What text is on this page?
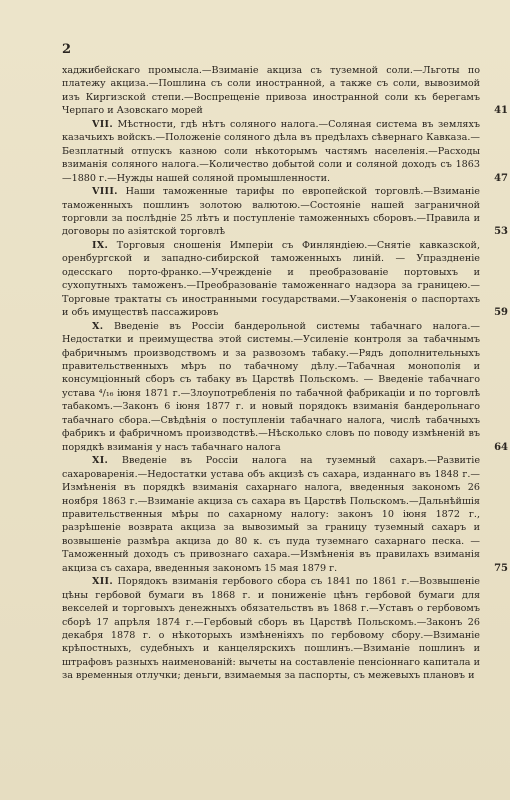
2

хаджибейскаго промысла.—Взиманіе акциза съ туземной соли.—Льготы по платежу акциза.—Пошлина съ соли иностранной, а также съ соли, вывозимой изъ Киргизской степи.—Воспрещеніе привоза иностранной соли къ берегамъ Черпаго и Азовскаго морей	41

VII. Мѣстности, гдѣ нѣтъ соляного налога.—Соляная система въ земляхъ казачьихъ войскъ.—Положеніе соляного дѣла въ предѣлахъ сѣвернаго Кавказа.—Безплатный отпускъ казною соли нѣкоторымъ частямъ населенія.—Расходы взиманія соляного налога.—Количество добытой соли и соляной доходъ съ 1863—1880 г.—Нужды нашей соляной промышленности.	47

VIII. Наши таможенные тарифы по европейской торговлѣ.—Взиманіе таможенныхъ пошлинъ золотою валютою.—Состояніе нашей заграничной торговли за послѣдніе 25 лѣтъ и поступленіе таможенныхъ сборовъ.—Правила и договоры по азіятской торговлѣ	53

IX. Торговыя сношенія Имперіи съ Финляндіею.—Снятіе кавказской, оренбургской и западно-сибирской таможенныхъ линій. — Упраздненіе одесскаго порто-франко.—Учрежденіе и преобразованіе портовыхъ и сухопутныхъ таможенъ.—Преобразованіе таможеннаго надзора за границею.—Торговые трактаты съ иностранными государствами.—Узаконенія о паспортахъ и объ имуществѣ пассажировъ	59

X. Введеніе въ Россіи бандерольной системы табачнаго налога.—Недостатки и преимущества этой системы.—Усиленіе контроля за табачнымъ фабричнымъ производствомъ и за развозомъ табаку.—Рядъ дополнительныхъ правительственныхъ мѣръ по табачному дѣлу.—Табачная монополія и консумціонный сборъ съ табаку въ Царствѣ Польскомъ. — Введеніе табачнаго устава ⁴/₁₆ іюня 1871 г.—Злоупотребленія по табачной фабрикаціи и по торговлѣ табакомъ.—Законъ 6 іюня 1877 г. и новый порядокъ взиманія бандерольнаго табачнаго сбора.—Свѣдѣнія о поступленіи табачнаго налога, числѣ табачныхъ фабрикъ и фабричномъ производствѣ.—Нѣсколько словъ по поводу измѣненій въ порядкѣ взиманія у насъ табачнаго налога	64

XI. Введеніе въ Россіи налога на туземный сахаръ.—Развитіе сахароваренія.—Недостатки устава объ акцизѣ съ сахара, изданнаго въ 1848 г.—Измѣненія въ порядкѣ взиманія сахарнаго налога, введенныя закономъ 26 ноября 1863 г.—Взиманіе акциза съ сахара въ Царствѣ Польскомъ.—Дальнѣйшія правительственныя мѣры по сахарному налогу: законъ 10 іюня 1872 г., разрѣшеніе возврата акциза за вывозимый за границу туземный сахаръ и возвышеніе размѣра акциза до 80 к. съ пуда туземнаго сахарнаго песка. — Таможенный доходъ съ привознаго сахара.—Измѣненія въ правилахъ взиманія акциза съ сахара, введенныя закономъ 15 мая 1879 г.	75

XII. Порядокъ взиманія гербового сбора съ 1841 по 1861 г.—Возвышеніе цѣны гербовой бумаги въ 1868 г. и пониженіе цѣнъ гербовой бумаги для векселей и торговыхъ денежныхъ обязательствъ въ 1868 г.—Уставъ о гербовомъ сборѣ 17 апрѣля 1874 г.—Гербовый сборъ въ Царствѣ Польскомъ.—Законъ 26 декабря 1878 г. о нѣкоторыхъ измѣненіяхъ по гербовому сбору.—Взиманіе крѣпостныхъ, судебныхъ и канцелярскихъ пошлинъ.—Взиманіе пошлинъ и штрафовъ разныхъ наименованій: вычеты на составленіе пенсіоннаго капитала и за временныя отлучки; деньги, взимаемыя за паспорты, съ межевыхъ плановъ и
